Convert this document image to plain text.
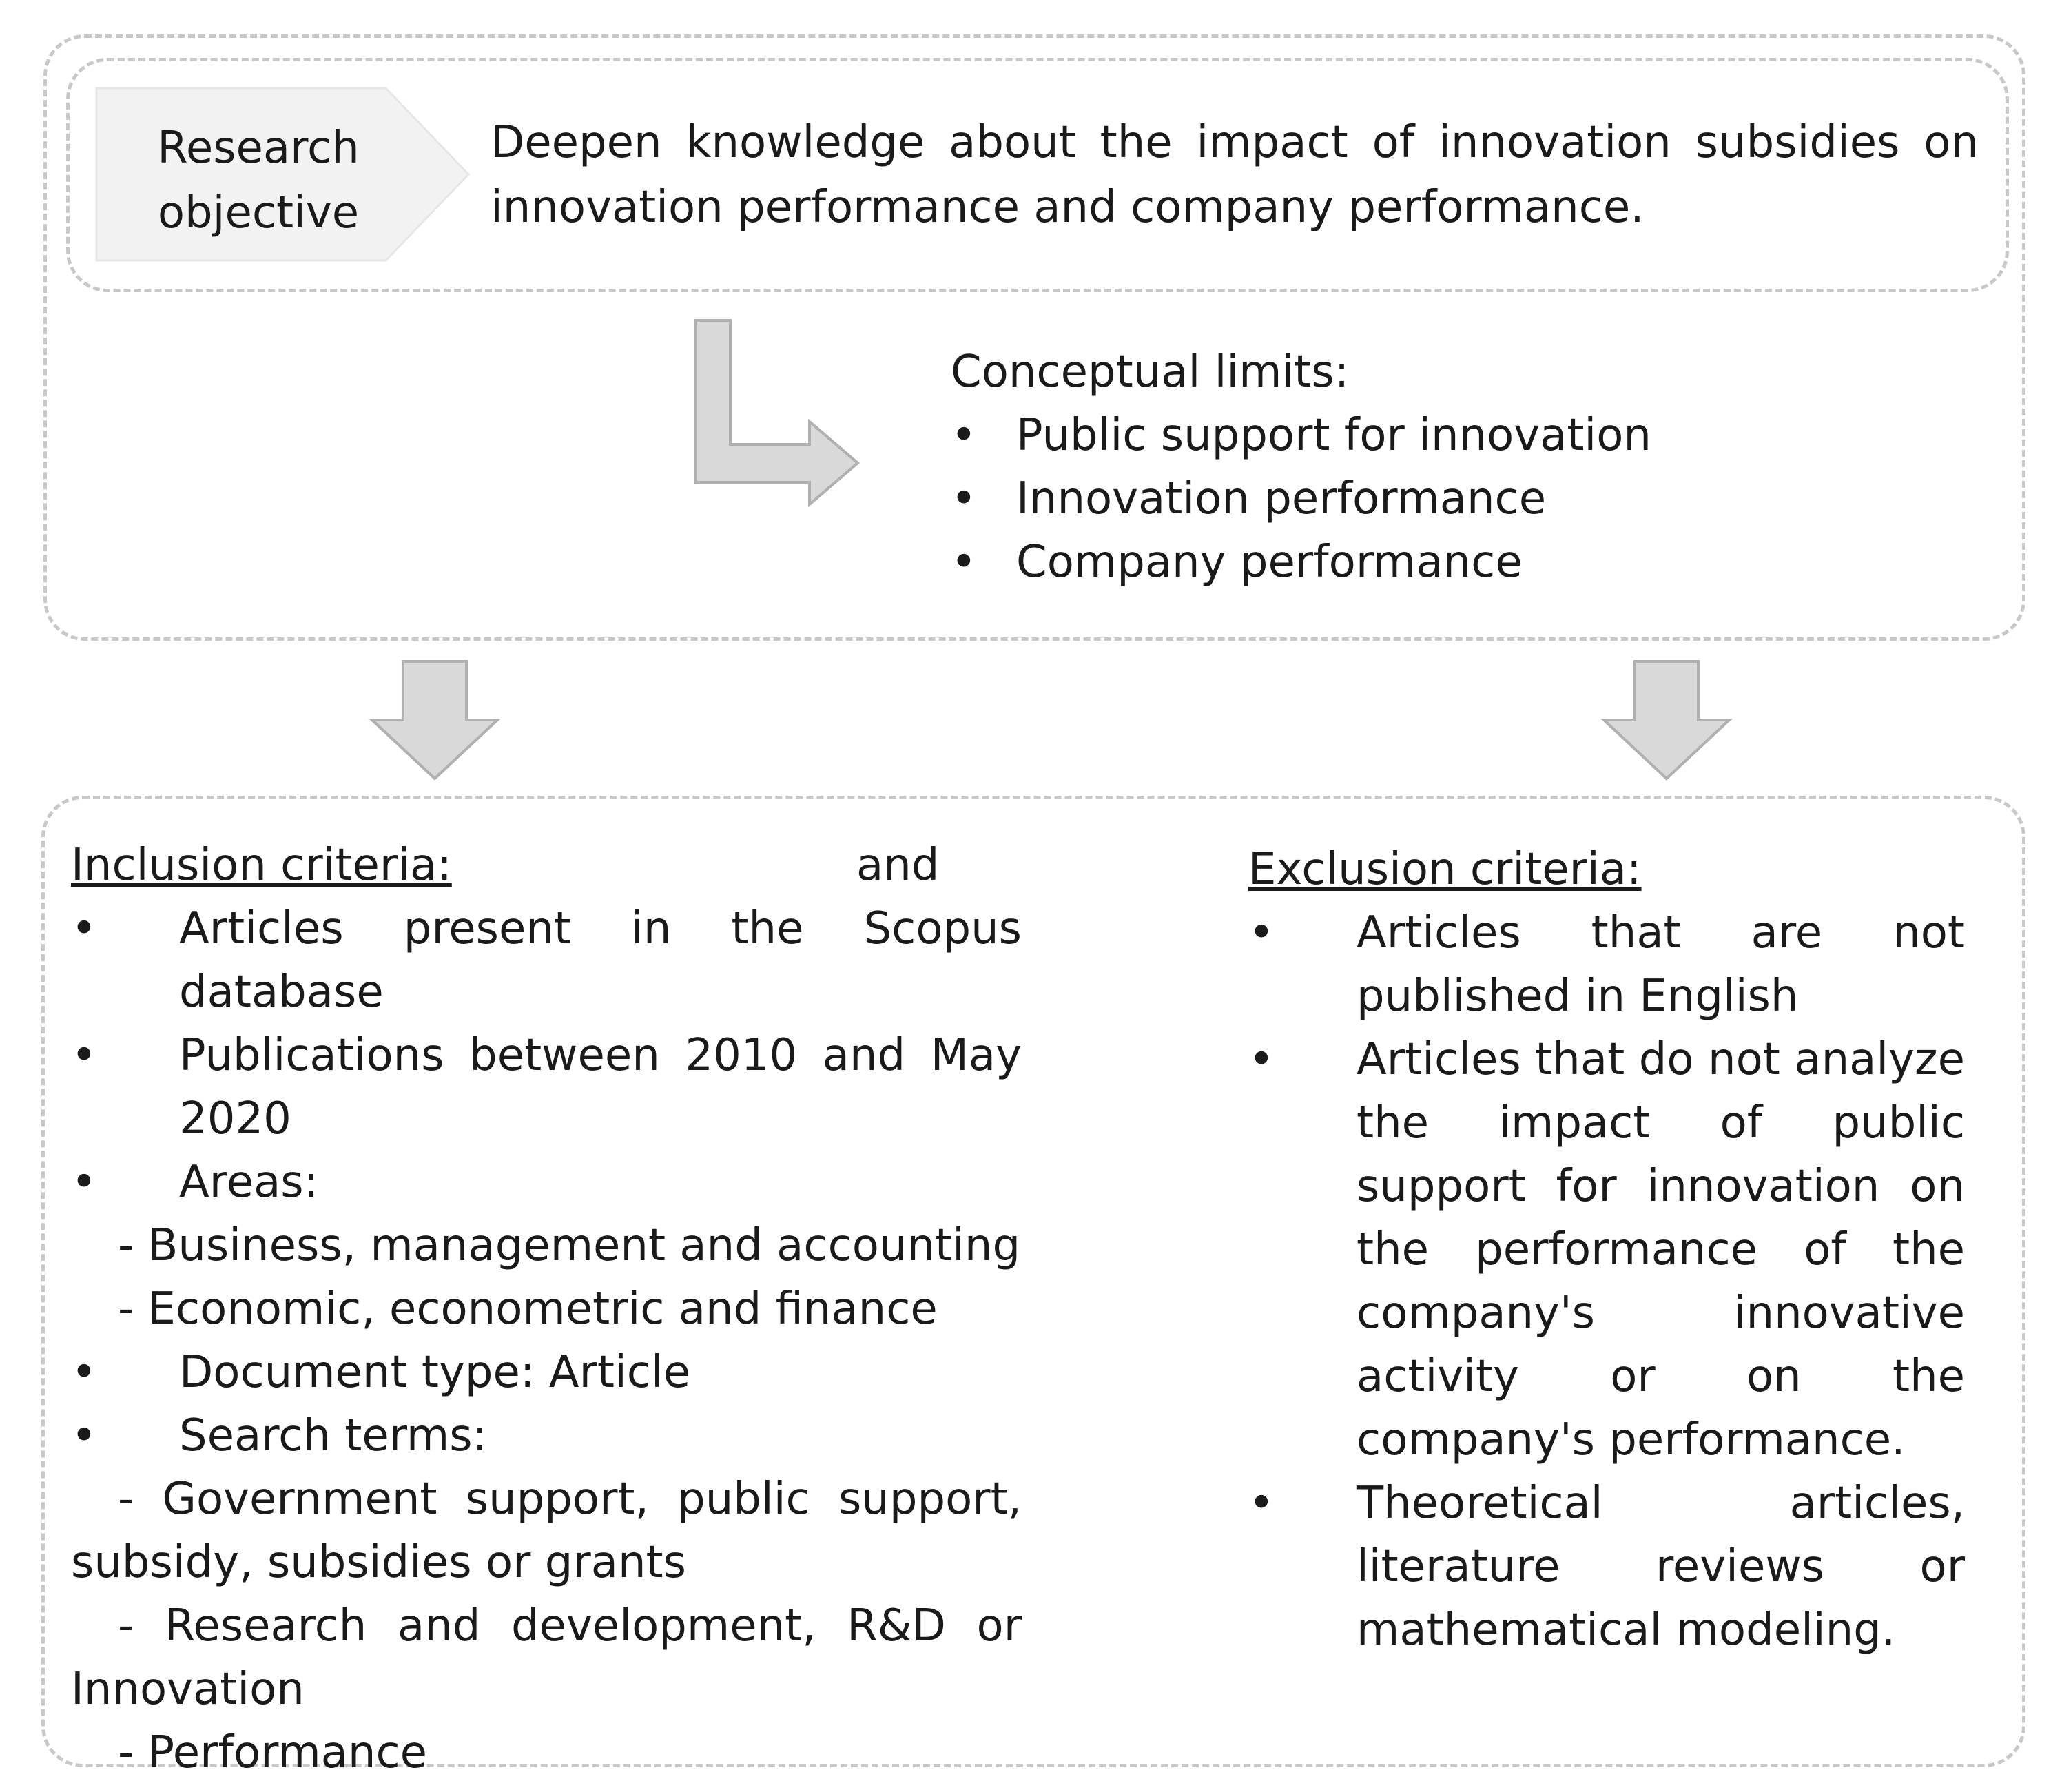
Research
objective
Deepen knowledge about the impact of innovation subsidies on innovation performance and company performance.
Conceptual limits:
• Public support for innovation
• Innovation performance
• Company performance
Inclusion criteria:	and
• Articles present in the Scopus database
• Publications between 2010 and May 2020
• Areas:
- Business, management and accounting
- Economic, econometric and finance
• Document type: Article
• Search terms:
- Government support, public support, subsidy, subsidies or grants
- Research and development, R&D or Innovation
- Performance
Exclusion criteria:
• Articles that are not published in English
• Articles that do not analyze the impact of public support for innovation on the performance of the company's innovative activity or on the company's performance.
• Theoretical articles, literature reviews or mathematical modeling.
